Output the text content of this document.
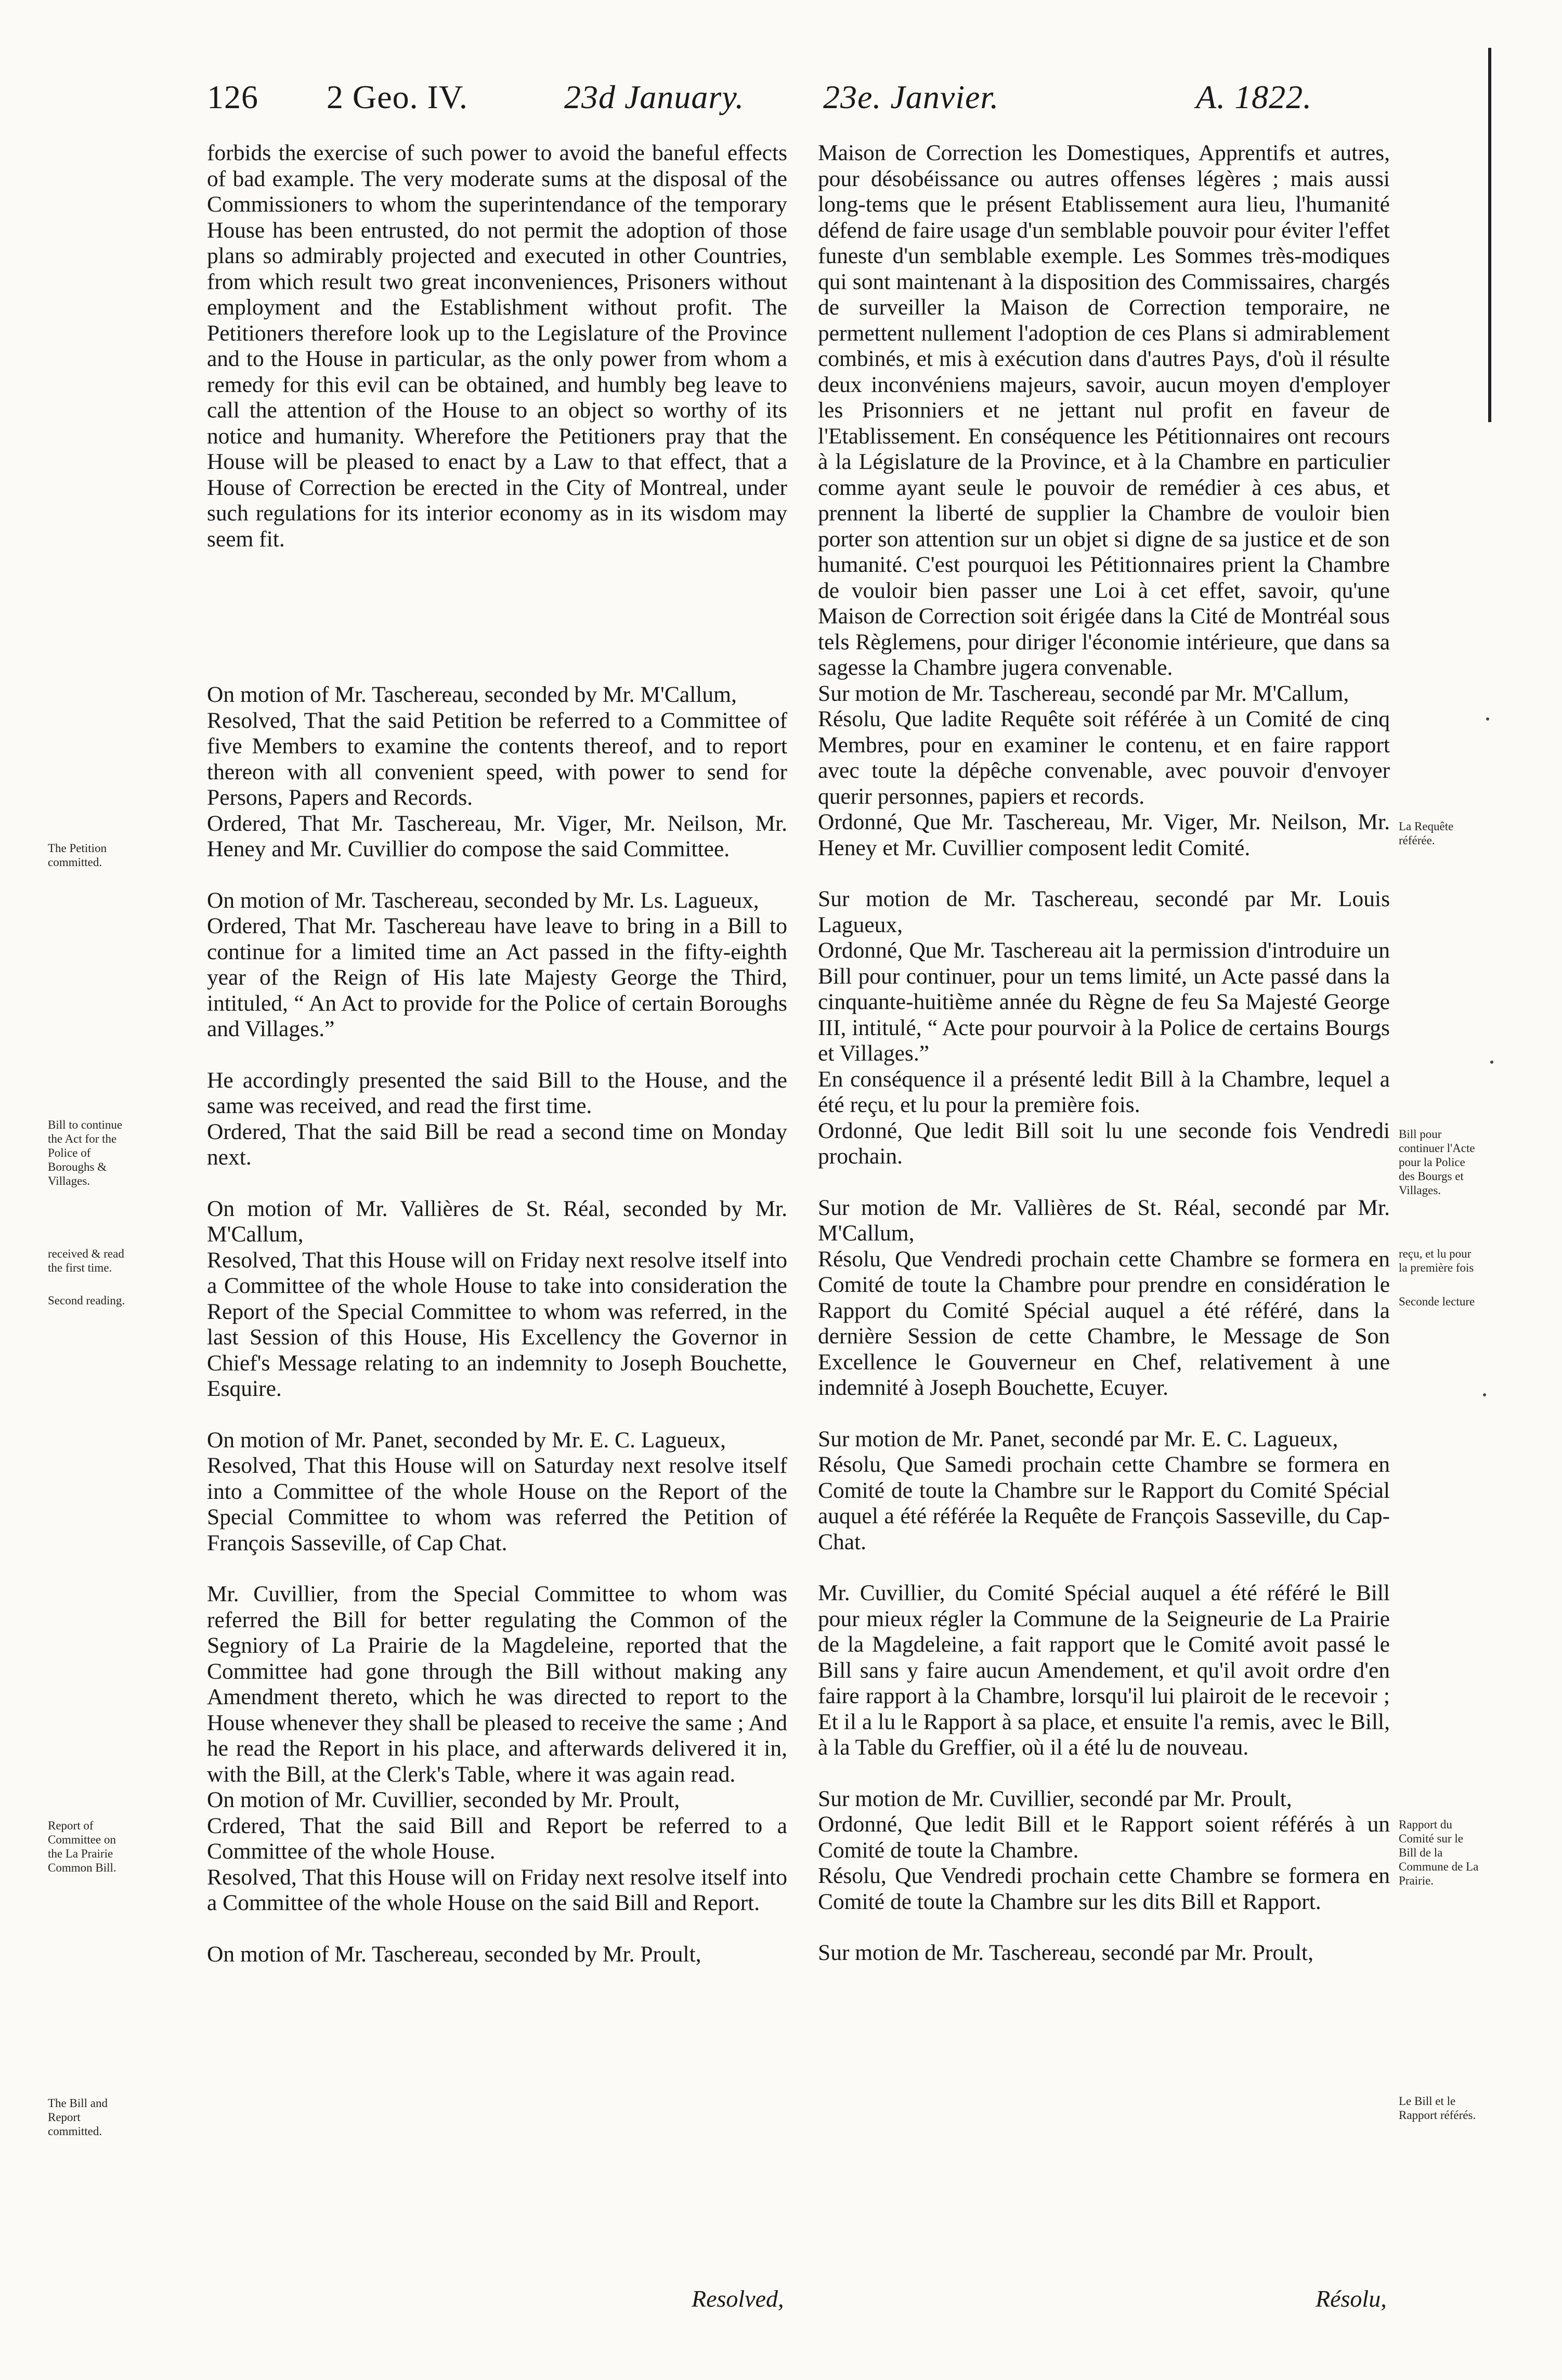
126 2 Geo. IV.	23d January. 23e. Janvier.	A. 1822.

forbids the exercise of such power to avoid the baneful effects of bad example. The very moderate sums at the disposal of the Commissioners to whom the superintendance of the temporary House has been entrusted, do not permit the adoption of those plans so admirably projected and executed in other Countries, from which result two great inconveniences, Prisoners without employment and the Establishment without profit. The Petitioners therefore look up to the Legislature of the Province and to the House in particular, as the only power from whom a remedy for this evil can be obtained, and humbly beg leave to call the attention of the House to an object so worthy of its notice and humanity. Wherefore the Petitioners pray that the House will be pleased to enact by a Law to that effect, that a House of Correction be erected in the City of Montreal, under such regulations for its interior economy as in its wisdom may seem fit.

On motion of Mr. Taschereau, seconded by Mr. M'Callum,

Resolved, That the said Petition be referred to a Committee of five Members to examine the contents thereof, and to report thereon with all convenient speed, with power to send for Persons, Papers and Records.

Ordered, That Mr. Taschereau, Mr. Viger, Mr. Neilson, Mr. Heney and Mr. Cuvillier do compose the said Committee.

On motion of Mr. Taschereau, seconded by Mr. Ls. Lagueux,

Ordered, That Mr. Taschereau have leave to bring in a Bill to continue for a limited time an Act passed in the fifty-eighth year of the Reign of His late Majesty George the Third, intituled, “ An Act to provide for the Police of certain Boroughs and Villages.”

He accordingly presented the said Bill to the House, and the same was received, and read the first time.

Ordered, That the said Bill be read a second time on Monday next.

On motion of Mr. Vallières de St. Réal, seconded by Mr. M'Callum,

Resolved, That this House will on Friday next resolve itself into a Committee of the whole House to take into consideration the Report of the Special Committee to whom was referred, in the last Session of this House, His Excellency the Governor in Chief's Message relating to an indemnity to Joseph Bouchette, Esquire.

On motion of Mr. Panet, seconded by Mr. E. C. Lagueux,

Resolved, That this House will on Saturday next resolve itself into a Committee of the whole House on the Report of the Special Committee to whom was referred the Petition of François Sasseville, of Cap Chat.

Mr. Cuvillier, from the Special Committee to whom was referred the Bill for better regulating the Common of the Segniory of La Prairie de la Magdeleine, reported that the Committee had gone through the Bill without making any Amendment thereto, which he was directed to report to the House whenever they shall be pleased to receive the same ; And he read the Report in his place, and afterwards delivered it in, with the Bill, at the Clerk's Table, where it was again read.

On motion of Mr. Cuvillier, seconded by Mr. Proult,

Crdered, That the said Bill and Report be referred to a Committee of the whole House.

Resolved, That this House will on Friday next resolve itself into a Committee of the whole House on the said Bill and Report.

On motion of Mr. Taschereau, seconded by Mr. Proult,

Maison de Correction les Domestiques, Apprentifs et autres, pour désobéissance ou autres offenses légères ; mais aussi long-tems que le présent Etablissement aura lieu, l'humanité défend de faire usage d'un semblable pouvoir pour éviter l'effet funeste d'un semblable exemple. Les Sommes très-modiques qui sont maintenant à la disposition des Commissaires, chargés de surveiller la Maison de Correction temporaire, ne permettent nullement l'adoption de ces Plans si admirablement combinés, et mis à exécution dans d'autres Pays, d'où il résulte deux inconvéniens majeurs, savoir, aucun moyen d'employer les Prisonniers et ne jettant nul profit en faveur de l'Etablissement. En conséquence les Pétitionnaires ont recours à la Législature de la Province, et à la Chambre en particulier comme ayant seule le pouvoir de remédier à ces abus, et prennent la liberté de supplier la Chambre de vouloir bien porter son attention sur un objet si digne de sa justice et de son humanité. C'est pourquoi les Pétitionnaires prient la Chambre de vouloir bien passer une Loi à cet effet, savoir, qu'une Maison de Correction soit érigée dans la Cité de Montréal sous tels Règlemens, pour diriger l'économie intérieure, que dans sa sagesse la Chambre jugera convenable.

Sur motion de Mr. Taschereau, secondé par Mr. M'Callum,

Résolu, Que ladite Requête soit référée à un Comité de cinq Membres, pour en examiner le contenu, et en faire rapport avec toute la dépêche convenable, avec pouvoir d'envoyer querir personnes, papiers et records.

Ordonné, Que Mr. Taschereau, Mr. Viger, Mr. Neilson, Mr. Heney et Mr. Cuvillier composent ledit Comité.

Sur motion de Mr. Taschereau, secondé par Mr. Louis Lagueux,

Ordonné, Que Mr. Taschereau ait la permission d'introduire un Bill pour continuer, pour un tems limité, un Acte passé dans la cinquante-huitième année du Règne de feu Sa Majesté George III, intitulé, “ Acte pour pourvoir à la Police de certains Bourgs et Villages.”

En conséquence il a présenté ledit Bill à la Chambre, lequel a été reçu, et lu pour la première fois.

Ordonné, Que ledit Bill soit lu une seconde fois Vendredi prochain.

Sur motion de Mr. Vallières de St. Réal, secondé par Mr. M'Callum,

Résolu, Que Vendredi prochain cette Chambre se formera en Comité de toute la Chambre pour prendre en considération le Rapport du Comité Spécial auquel a été référé, dans la dernière Session de cette Chambre, le Message de Son Excellence le Gouverneur en Chef, relativement à une indemnité à Joseph Bouchette, Ecuyer.

Sur motion de Mr. Panet, secondé par Mr. E. C. Lagueux,

Résolu, Que Samedi prochain cette Chambre se formera en Comité de toute la Chambre sur le Rapport du Comité Spécial auquel a été référée la Requête de François Sasseville, du Cap-Chat.

Mr. Cuvillier, du Comité Spécial auquel a été référé le Bill pour mieux régler la Commune de la Seigneurie de La Prairie de la Magdeleine, a fait rapport que le Comité avoit passé le Bill sans y faire aucun Amendement, et qu'il avoit ordre d'en faire rapport à la Chambre, lorsqu'il lui plairoit de le recevoir ; Et il a lu le Rapport à sa place, et ensuite l'a remis, avec le Bill, à la Table du Greffier, où il a été lu de nouveau.

Sur motion de Mr. Cuvillier, secondé par Mr. Proult,

Ordonné, Que ledit Bill et le Rapport soient référés à un Comité de toute la Chambre.

Résolu, Que Vendredi prochain cette Chambre se formera en Comité de toute la Chambre sur les dits Bill et Rapport.

Sur motion de Mr. Taschereau, secondé par Mr. Proult,

The Petition committed.
Bill to continue the Act for the Police of Boroughs & Villages.
received & read the first time.
Second reading.
Report of Committee on the La Prairie Common Bill.
The Bill and Report committed.
La Requête référée.
Bill pour continuer l'Acte pour la Police des Bourgs et Villages.
reçu, et lu pour la première fois
Seconde lecture
Rapport du Comité sur le Bill de la Commune de La Prairie.
Le Bill et le Rapport référés.
Resolved,	Résolu,
